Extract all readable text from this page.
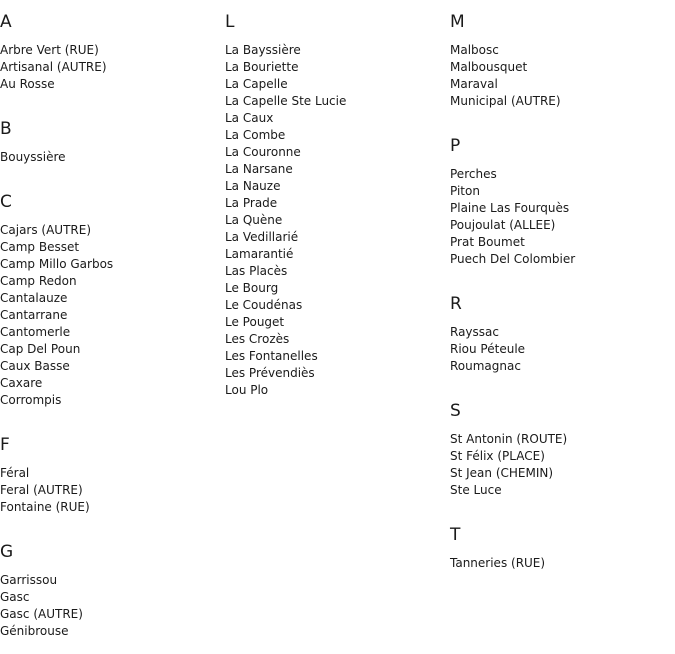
A
Arbre Vert (RUE)
Artisanal (AUTRE)
Au Rosse
B
Bouyssière
C
Cajars (AUTRE)
Camp Besset
Camp Millo Garbos
Camp Redon
Cantalauze
Cantarrane
Cantomerle
Cap Del Poun
Caux Basse
Caxare
Corrompis
F
Féral
Feral (AUTRE)
Fontaine (RUE)
G
Garrissou
Gasc
Gasc (AUTRE)
Génibrouse
L
La Bayssière
La Bouriette
La Capelle
La Capelle Ste Lucie
La Caux
La Combe
La Couronne
La Narsane
La Nauze
La Prade
La Quène
La Vedillarié
Lamarantié
Las Placès
Le Bourg
Le Coudénas
Le Pouget
Les Crozès
Les Fontanelles
Les Prévendiès
Lou Plo
M
Malbosc
Malbousquet
Maraval
Municipal (AUTRE)
P
Perches
Piton
Plaine Las Fourquès
Poujoulat (ALLEE)
Prat Boumet
Puech Del Colombier
R
Rayssac
Riou Péteule
Roumagnac
S
St Antonin (ROUTE)
St Félix (PLACE)
St Jean (CHEMIN)
Ste Luce
T
Tanneries (RUE)
